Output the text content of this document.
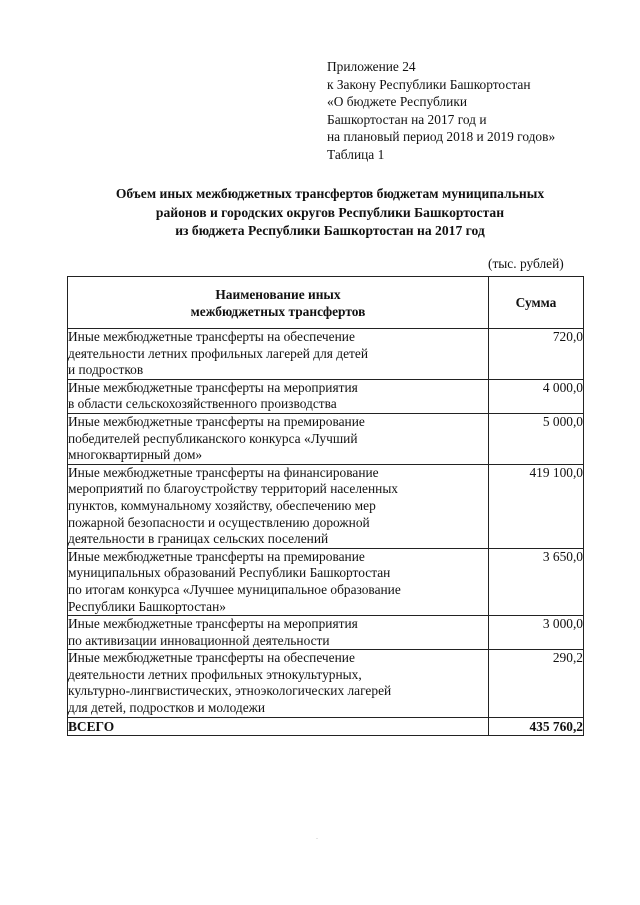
Приложение 24
к Закону Республики Башкортостан
«О бюджете Республики
Башкортостан на 2017 год и
на плановый период 2018 и 2019 годов»
Таблица 1
Объем иных межбюджетных трансфертов бюджетам муниципальных
районов и городских округов Республики Башкортостан
из бюджета Республики Башкортостан на 2017 год
(тыс. рублей)
Наименование иных
межбюджетных трансфертов	Сумма

Иные межбюджетные трансферты на обеспечение
деятельности летних профильных лагерей для детей
и подростков	720,0

Иные межбюджетные трансферты на мероприятия
в области сельскохозяйственного производства	4 000,0

Иные межбюджетные трансферты на премирование
победителей республиканского конкурса «Лучший
многоквартирный дом»	5 000,0

Иные межбюджетные трансферты на финансирование
мероприятий по благоустройству территорий населенных
пунктов, коммунальному хозяйству, обеспечению мер
пожарной безопасности и осуществлению дорожной
деятельности в границах сельских поселений	419 100,0

Иные межбюджетные трансферты на премирование
муниципальных образований Республики Башкортостан
по итогам конкурса «Лучшее муниципальное образование
Республики Башкортостан»	3 650,0

Иные межбюджетные трансферты на мероприятия
по активизации инновационной деятельности	3 000,0

Иные межбюджетные трансферты на обеспечение
деятельности летних профильных этнокультурных,
культурно-лингвистических, этноэкологических лагерей
для детей, подростков и молодежи	290,2
ВСЕГО	435 760,2
.
